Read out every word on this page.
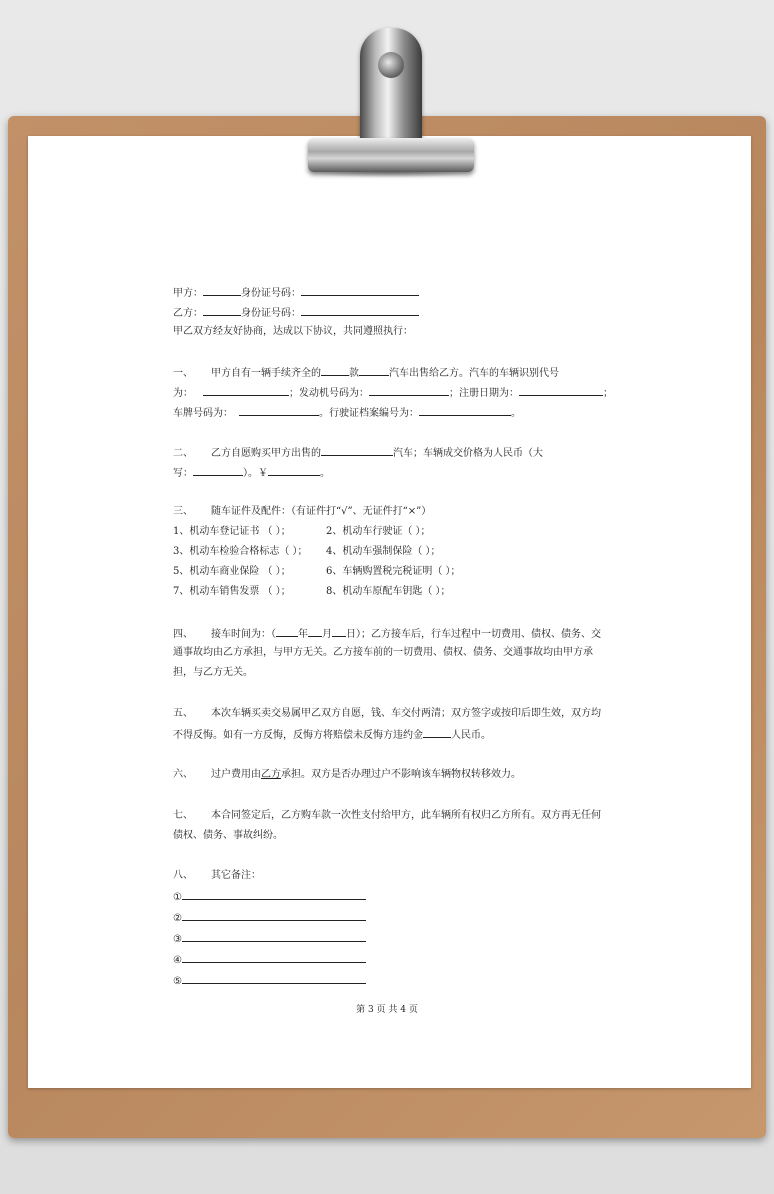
甲方：	身份证号码：
乙方：	身份证号码：
甲乙双方经友好协商，达成以下协议，共同遵照执行：
一、 甲方自有一辆手续齐全的	款	汽车出售给乙方。汽车的车辆识别代号
为：	；发动机号码为：	；注册日期为：	；
车牌号码为：	。行驶证档案编号为：	。
二、 乙方自愿购买甲方出售的	汽车；车辆成交价格为人民币（大
写：	）。￥	。
三、 随车证件及配件：（有证件打“√”、无证件打“×”）
1、机动车登记证书 （ ）；	2、机动车行驶证（ ）；
3、机动车检验合格标志（ ）； 4、机动车强制保险（ ）；
5、机动车商业保险 （ ）；	6、车辆购置税完税证明（ ）；
7、机动车销售发票 （ ）；	8、机动车原配车钥匙（ ）；
四、 接车时间为：（ 年 月 日）；乙方接车后，行车过程中一切费用、债权、债务、交
通事故均由乙方承担，与甲方无关。乙方接车前的一切费用、债权、债务、交通事故均由甲方承
担，与乙方无关。
五、 本次车辆买卖交易属甲乙双方自愿，钱、车交付两清；双方签字或按印后即生效，双方均
不得反悔。如有一方反悔，反悔方将赔偿未反悔方违约金	人民币。
六、 过户费用由乙方承担。双方是否办理过户不影响该车辆物权转移效力。
七、 本合同签定后，乙方购车款一次性支付给甲方，此车辆所有权归乙方所有。双方再无任何
债权、债务、事故纠纷。
八、 其它备注：
①
②
③
④
⑤
第 3 页 共 4 页
